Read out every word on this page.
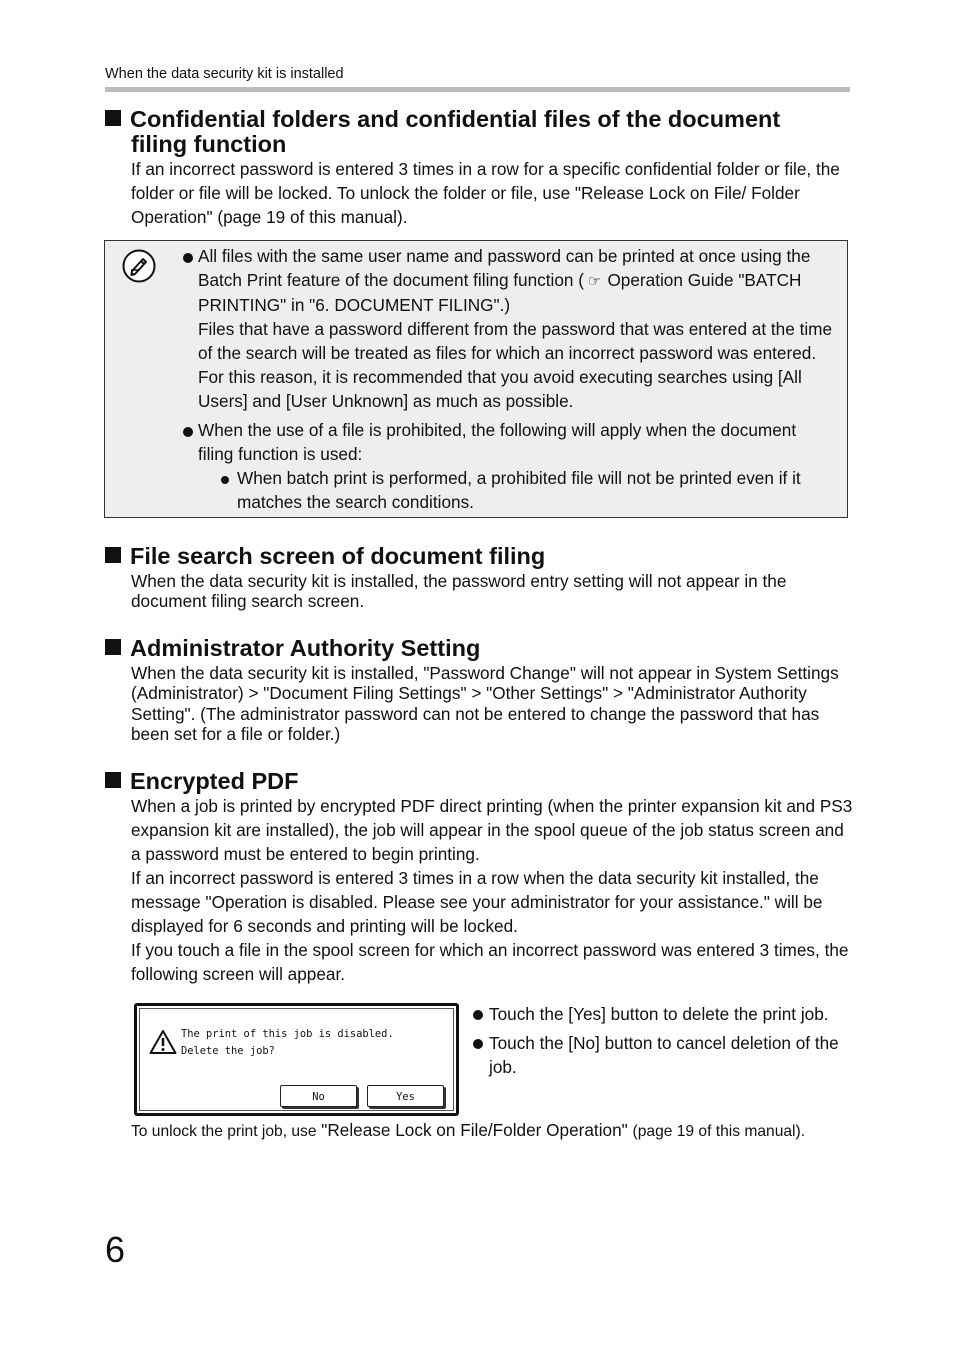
When the data security kit is installed
Confidential folders and confidential files of the document
filing function

If an incorrect password is entered 3 times in a row for a specific confidential folder or file, the folder or file will be locked. To unlock the folder or file, use "Release Lock on File/ Folder Operation" (page 19 of this manual).

All files with the same user name and password can be printed at once using the Batch Print feature of the document filing function ( ☞ Operation Guide "BATCH PRINTING" in "6. DOCUMENT FILING".)
Files that have a password different from the password that was entered at the time of the search will be treated as files for which an incorrect password was entered. For this reason, it is recommended that you avoid executing searches using [All Users] and [User Unknown] as much as possible.
When the use of a file is prohibited, the following will apply when the document filing function is used:
When batch print is performed, a prohibited file will not be printed even if it matches the search conditions.
File search screen of document filing

When the data security kit is installed, the password entry setting will not appear in the document filing search screen.

Administrator Authority Setting

When the data security kit is installed, "Password Change" will not appear in System Settings (Administrator) > "Document Filing Settings" > "Other Settings" > "Administrator Authority Setting". (The administrator password can not be entered to change the password that has been set for a file or folder.)

Encrypted PDF

When a job is printed by encrypted PDF direct printing (when the printer expansion kit and PS3 expansion kit are installed), the job will appear in the spool queue of the job status screen and a password must be entered to begin printing.

If an incorrect password is entered 3 times in a row when the data security kit installed, the message "Operation is disabled. Please see your administrator for your assistance." will be displayed for 6 seconds and printing will be locked.

If you touch a file in the spool screen for which an incorrect password was entered 3 times, the following screen will appear.

The print of this job is disabled.
Delete the job?
No	Yes
Touch the [Yes] button to delete the print job.
Touch the [No] button to cancel deletion of the job.
To unlock the print job, use "Release Lock on File/Folder Operation" (page 19 of this manual).
6
